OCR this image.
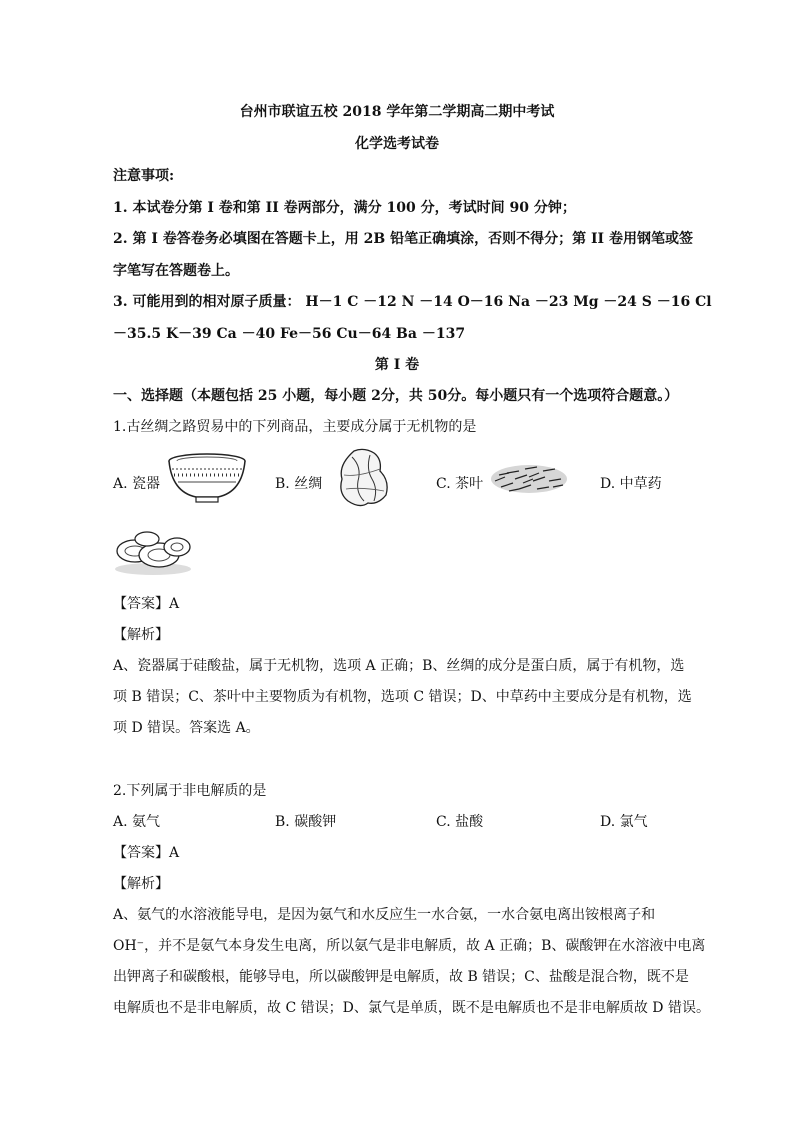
台州市联谊五校 2018 学年第二学期高二期中考试
化学选考试卷
注意事项:
1. 本试卷分第 I 卷和第 II 卷两部分，满分 100 分，考试时间 90 分钟；
2. 第 I 卷答卷务必填图在答题卡上，用 2B 铅笔正确填涂，否则不得分；第 II 卷用钢笔或签
字笔写在答题卷上。
3. 可能用到的相对原子质量： H－1 C －12 N －14 O－16 Na －23 Mg －24 S －16 Cl
－35.5 K－39 Ca －40 Fe－56 Cu－64 Ba －137
第 I 卷
一、选择题（本题包括 25 小题，每小题 2分，共 50分。每小题只有一个选项符合题意。）
1.古丝绸之路贸易中的下列商品，主要成分属于无机物的是
A. 瓷器	B. 丝绸	C. 茶叶	D. 中草药
【答案】A
【解析】
A、瓷器属于硅酸盐，属于无机物，选项 A 正确；B、丝绸的成分是蛋白质，属于有机物，选
项 B 错误；C、茶叶中主要物质为有机物，选项 C 错误；D、中草药中主要成分是有机物，选
项 D 错误。答案选 A。
2.下列属于非电解质的是
A. 氨气	B. 碳酸钾	C. 盐酸	D. 氯气
【答案】A
【解析】
A、氨气的水溶液能导电，是因为氨气和水反应生一水合氨，一水合氨电离出铵根离子和
OH⁻，并不是氨气本身发生电离，所以氨气是非电解质，故 A 正确；B、碳酸钾在水溶液中电离
出钾离子和碳酸根，能够导电，所以碳酸钾是电解质，故 B 错误；C、盐酸是混合物，既不是
电解质也不是非电解质，故 C 错误；D、氯气是单质，既不是电解质也不是非电解质故 D 错误。
